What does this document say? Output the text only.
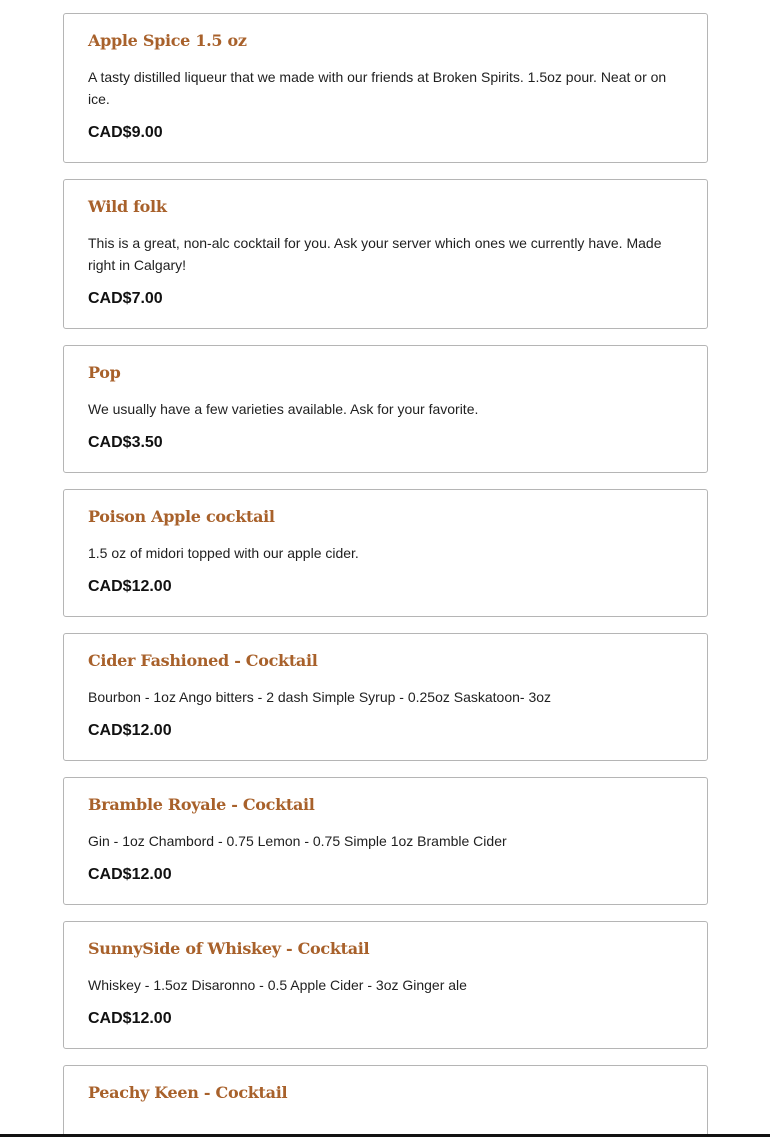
Apple Spice 1.5 oz
A tasty distilled liqueur that we made with our friends at Broken Spirits. 1.5oz pour. Neat or on ice.
CAD$9.00
Wild folk
This is a great, non-alc cocktail for you. Ask your server which ones we currently have. Made right in Calgary!
CAD$7.00
Pop
We usually have a few varieties available. Ask for your favorite.
CAD$3.50
Poison Apple cocktail
1.5 oz of midori topped with our apple cider.
CAD$12.00
Cider Fashioned - Cocktail
Bourbon - 1oz Ango bitters - 2 dash Simple Syrup - 0.25oz Saskatoon- 3oz
CAD$12.00
Bramble Royale - Cocktail
Gin - 1oz Chambord - 0.75 Lemon - 0.75 Simple 1oz Bramble Cider
CAD$12.00
SunnySide of Whiskey - Cocktail
Whiskey - 1.5oz Disaronno - 0.5 Apple Cider - 3oz Ginger ale
CAD$12.00
Peachy Keen - Cocktail
